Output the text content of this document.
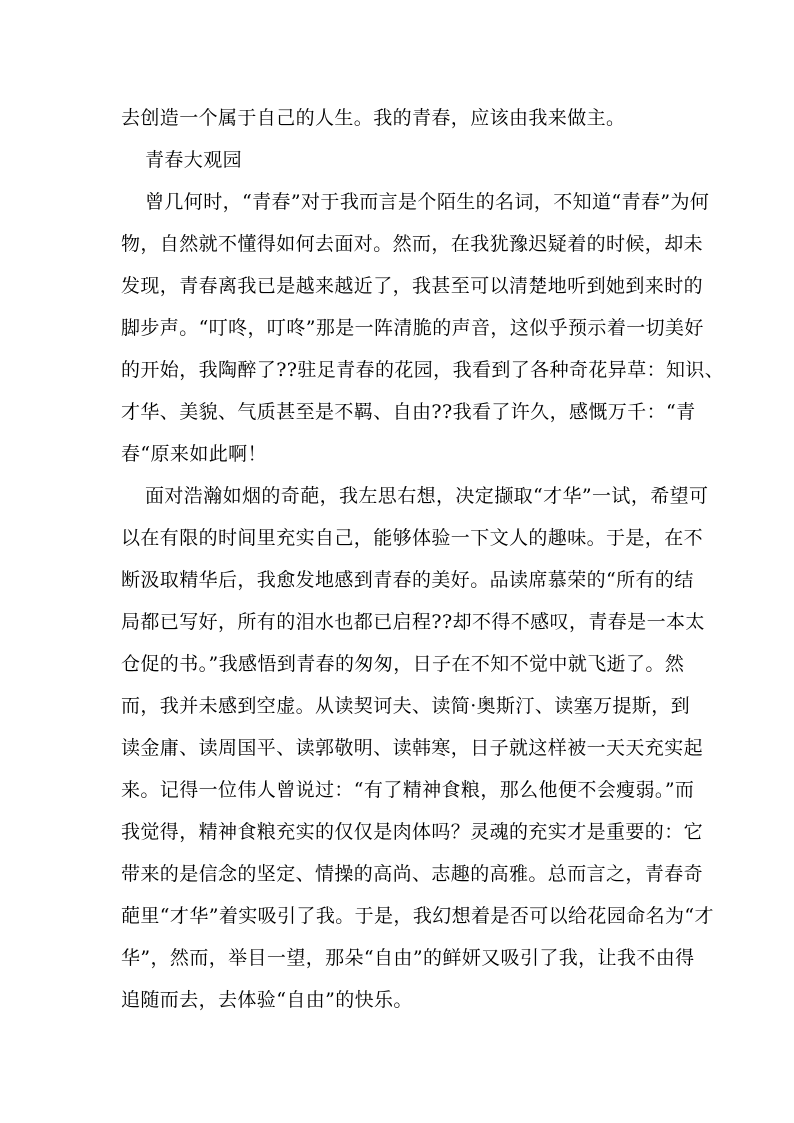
去创造一个属于自己的人生。我的青春，应该由我来做主。
青春大观园
曾几何时，“青春”对于我而言是个陌生的名词，不知道“青春”为何
物，自然就不懂得如何去面对。然而，在我犹豫迟疑着的时候，却未
发现，青春离我已是越来越近了，我甚至可以清楚地听到她到来时的
脚步声。“叮咚，叮咚”那是一阵清脆的声音，这似乎预示着一切美好
的开始，我陶醉了??驻足青春的花园，我看到了各种奇花异草：知识、
才华、美貌、气质甚至是不羁、自由??我看了许久，感慨万千：“青
春“原来如此啊！
面对浩瀚如烟的奇葩，我左思右想，决定撷取“才华”一试，希望可
以在有限的时间里充实自己，能够体验一下文人的趣味。于是，在不
断汲取精华后，我愈发地感到青春的美好。品读席慕荣的“所有的结
局都已写好，所有的泪水也都已启程??却不得不感叹，青春是一本太
仓促的书。”我感悟到青春的匆匆，日子在不知不觉中就飞逝了。然
而，我并未感到空虚。从读契诃夫、读简·奥斯汀、读塞万提斯，到
读金庸、读周国平、读郭敬明、读韩寒，日子就这样被一天天充实起
来。记得一位伟人曾说过：“有了精神食粮，那么他便不会瘦弱。”而
我觉得，精神食粮充实的仅仅是肉体吗？灵魂的充实才是重要的：它
带来的是信念的坚定、情操的高尚、志趣的高雅。总而言之，青春奇
葩里“才华”着实吸引了我。于是，我幻想着是否可以给花园命名为“才
华”，然而，举目一望，那朵“自由”的鲜妍又吸引了我，让我不由得
追随而去，去体验“自由”的快乐。
